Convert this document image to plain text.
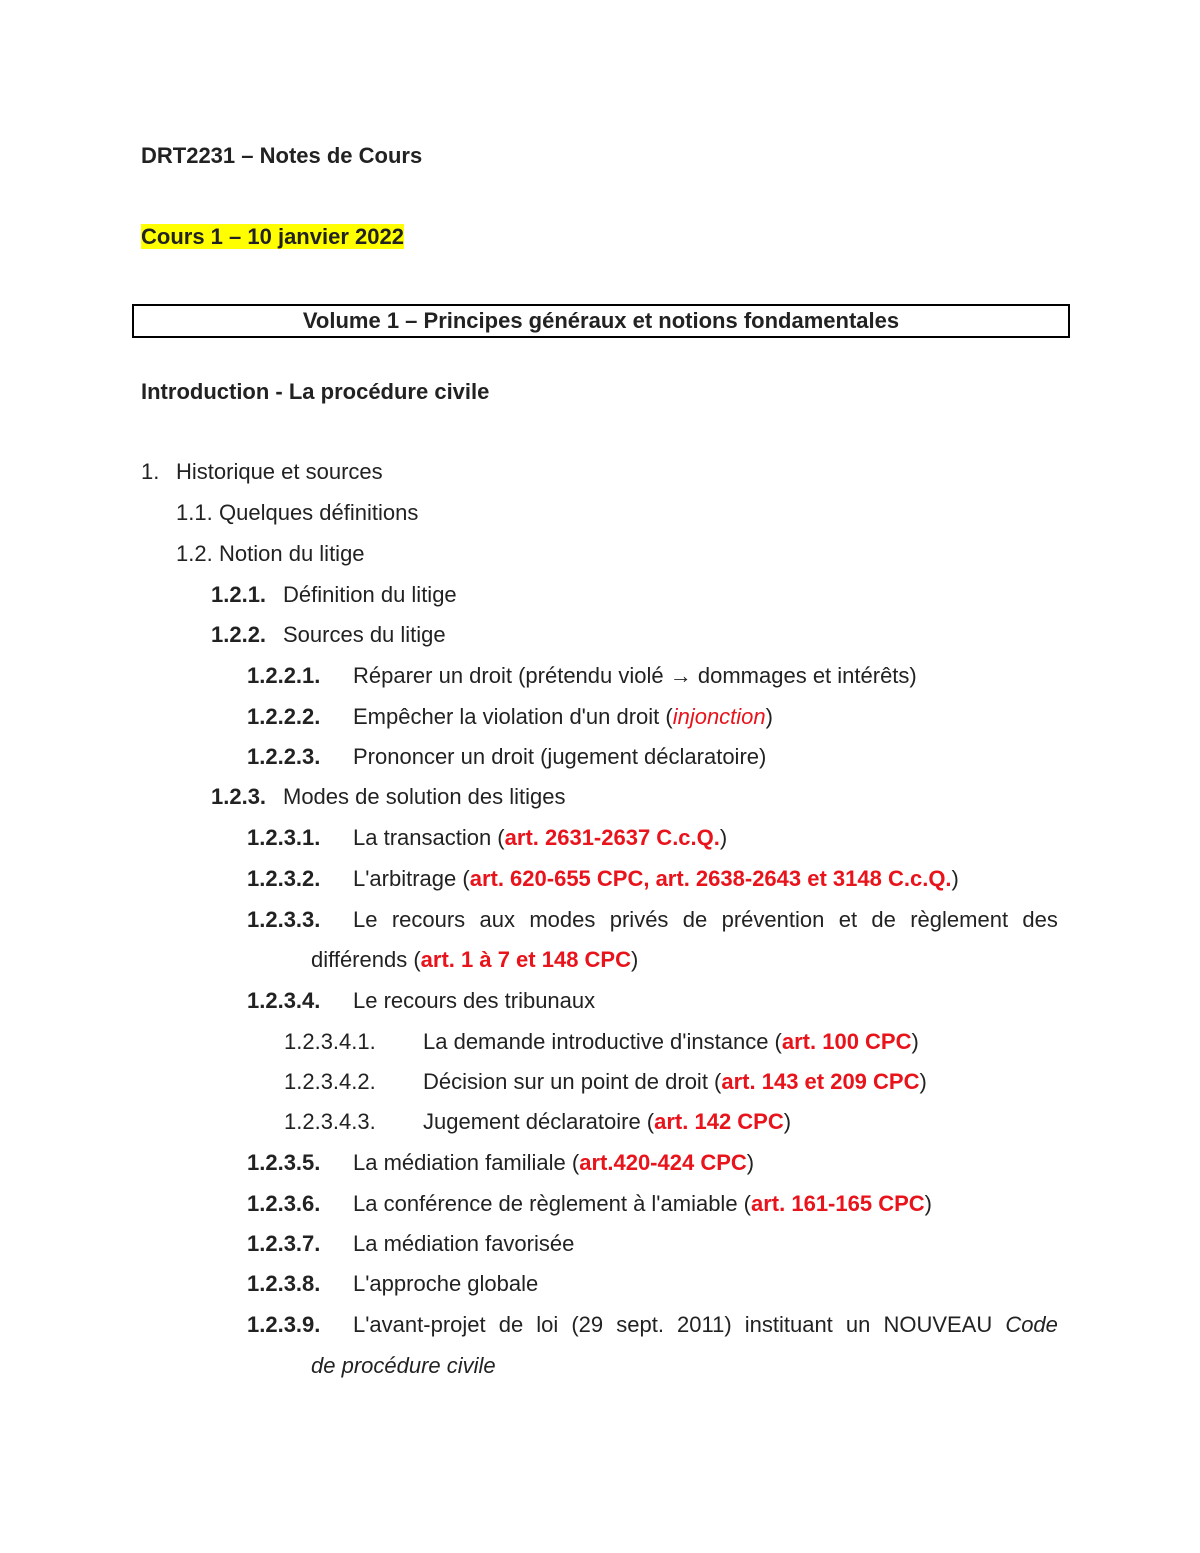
DRT2231 – Notes de Cours
Cours 1 – 10 janvier 2022
Volume 1 – Principes généraux et notions fondamentales
Introduction - La procédure civile
1. Historique et sources
1.1. Quelques définitions
1.2. Notion du litige
1.2.1. Définition du litige
1.2.2. Sources du litige
1.2.2.1. Réparer un droit (prétendu violé → dommages et intérêts)
1.2.2.2. Empêcher la violation d'un droit (injonction)
1.2.2.3. Prononcer un droit (jugement déclaratoire)
1.2.3. Modes de solution des litiges
1.2.3.1. La transaction (art. 2631-2637 C.c.Q.)
1.2.3.2. L'arbitrage (art. 620-655 CPC, art. 2638-2643 et 3148 C.c.Q.)
1.2.3.3.	Le recours aux modes privés de prévention et de règlement des
différends (art. 1 à 7 et 148 CPC)
1.2.3.4. Le recours des tribunaux
1.2.3.4.1. La demande introductive d'instance (art. 100 CPC)
1.2.3.4.2. Décision sur un point de droit (art. 143 et 209 CPC)
1.2.3.4.3. Jugement déclaratoire (art. 142 CPC)
1.2.3.5. La médiation familiale (art.420-424 CPC)
1.2.3.6. La conférence de règlement à l'amiable (art. 161-165 CPC)
1.2.3.7. La médiation favorisée
1.2.3.8. L'approche globale
1.2.3.9.	L'avant-projet de loi (29 sept. 2011) instituant un NOUVEAU Code
de procédure civile
